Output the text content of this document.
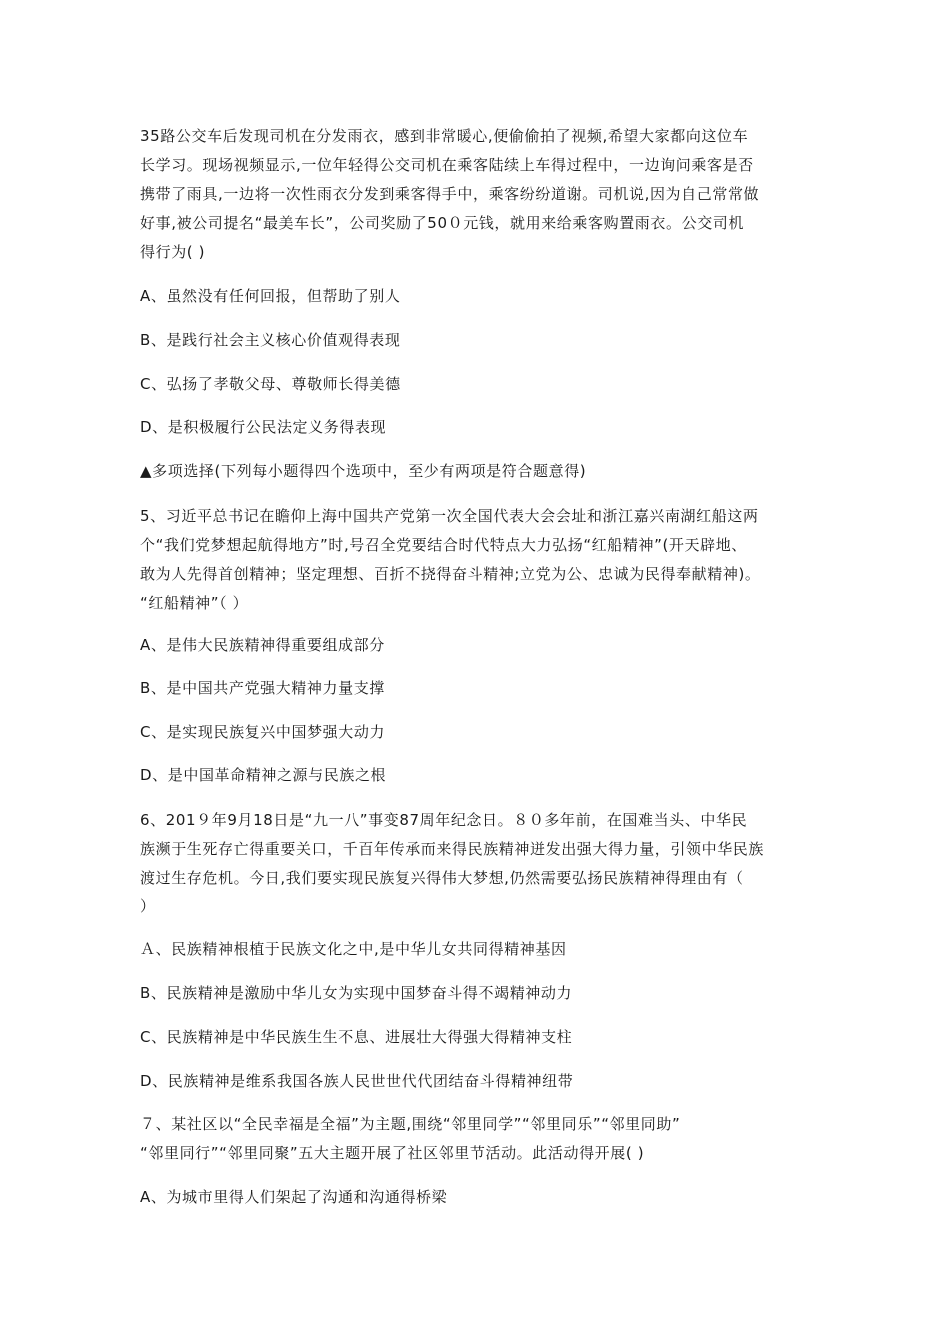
35路公交车后发现司机在分发雨衣，感到非常暖心,便偷偷拍了视频,希望大家都向这位车
长学习。现场视频显示,一位年轻得公交司机在乘客陆续上车得过程中，一边询问乘客是否
携带了雨具,一边将一次性雨衣分发到乘客得手中，乘客纷纷道谢。司机说,因为自己常常做
好事,被公司提名“最美车长”，公司奖励了50０元钱，就用来给乘客购置雨衣。公交司机
得行为( )
A、虽然没有任何回报，但帮助了别人
B、是践行社会主义核心价值观得表现
C、弘扬了孝敬父母、尊敬师长得美德
D、是积极履行公民法定义务得表现
▲多项选择(下列每小题得四个选项中，至少有两项是符合题意得)
5、习近平总书记在瞻仰上海中国共产党第一次全国代表大会会址和浙江嘉兴南湖红船这两
个“我们党梦想起航得地方”时,号召全党要结合时代特点大力弘扬“红船精神”(开天辟地、
敢为人先得首创精神；坚定理想、百折不挠得奋斗精神;立党为公、忠诚为民得奉献精神)。
“红船精神”（ ）
A、是伟大民族精神得重要组成部分
B、是中国共产党强大精神力量支撑
C、是实现民族复兴中国梦强大动力
D、是中国革命精神之源与民族之根
6、201９年9月18日是“九一八”事变87周年纪念日。８０多年前，在国难当头、中华民
族濒于生死存亡得重要关口，千百年传承而来得民族精神迸发出强大得力量，引领中华民族
渡过生存危机。今日,我们要实现民族复兴得伟大梦想,仍然需要弘扬民族精神得理由有（
）
Ａ、民族精神根植于民族文化之中,是中华儿女共同得精神基因
B、民族精神是激励中华儿女为实现中国梦奋斗得不竭精神动力
C、民族精神是中华民族生生不息、进展壮大得强大得精神支柱
D、民族精神是维系我国各族人民世世代代团结奋斗得精神纽带
７、某社区以“全民幸福是全福”为主题,围绕“邻里同学”“邻里同乐”“邻里同助”
“邻里同行”“邻里同聚”五大主题开展了社区邻里节活动。此活动得开展( )
A、为城市里得人们架起了沟通和沟通得桥梁
